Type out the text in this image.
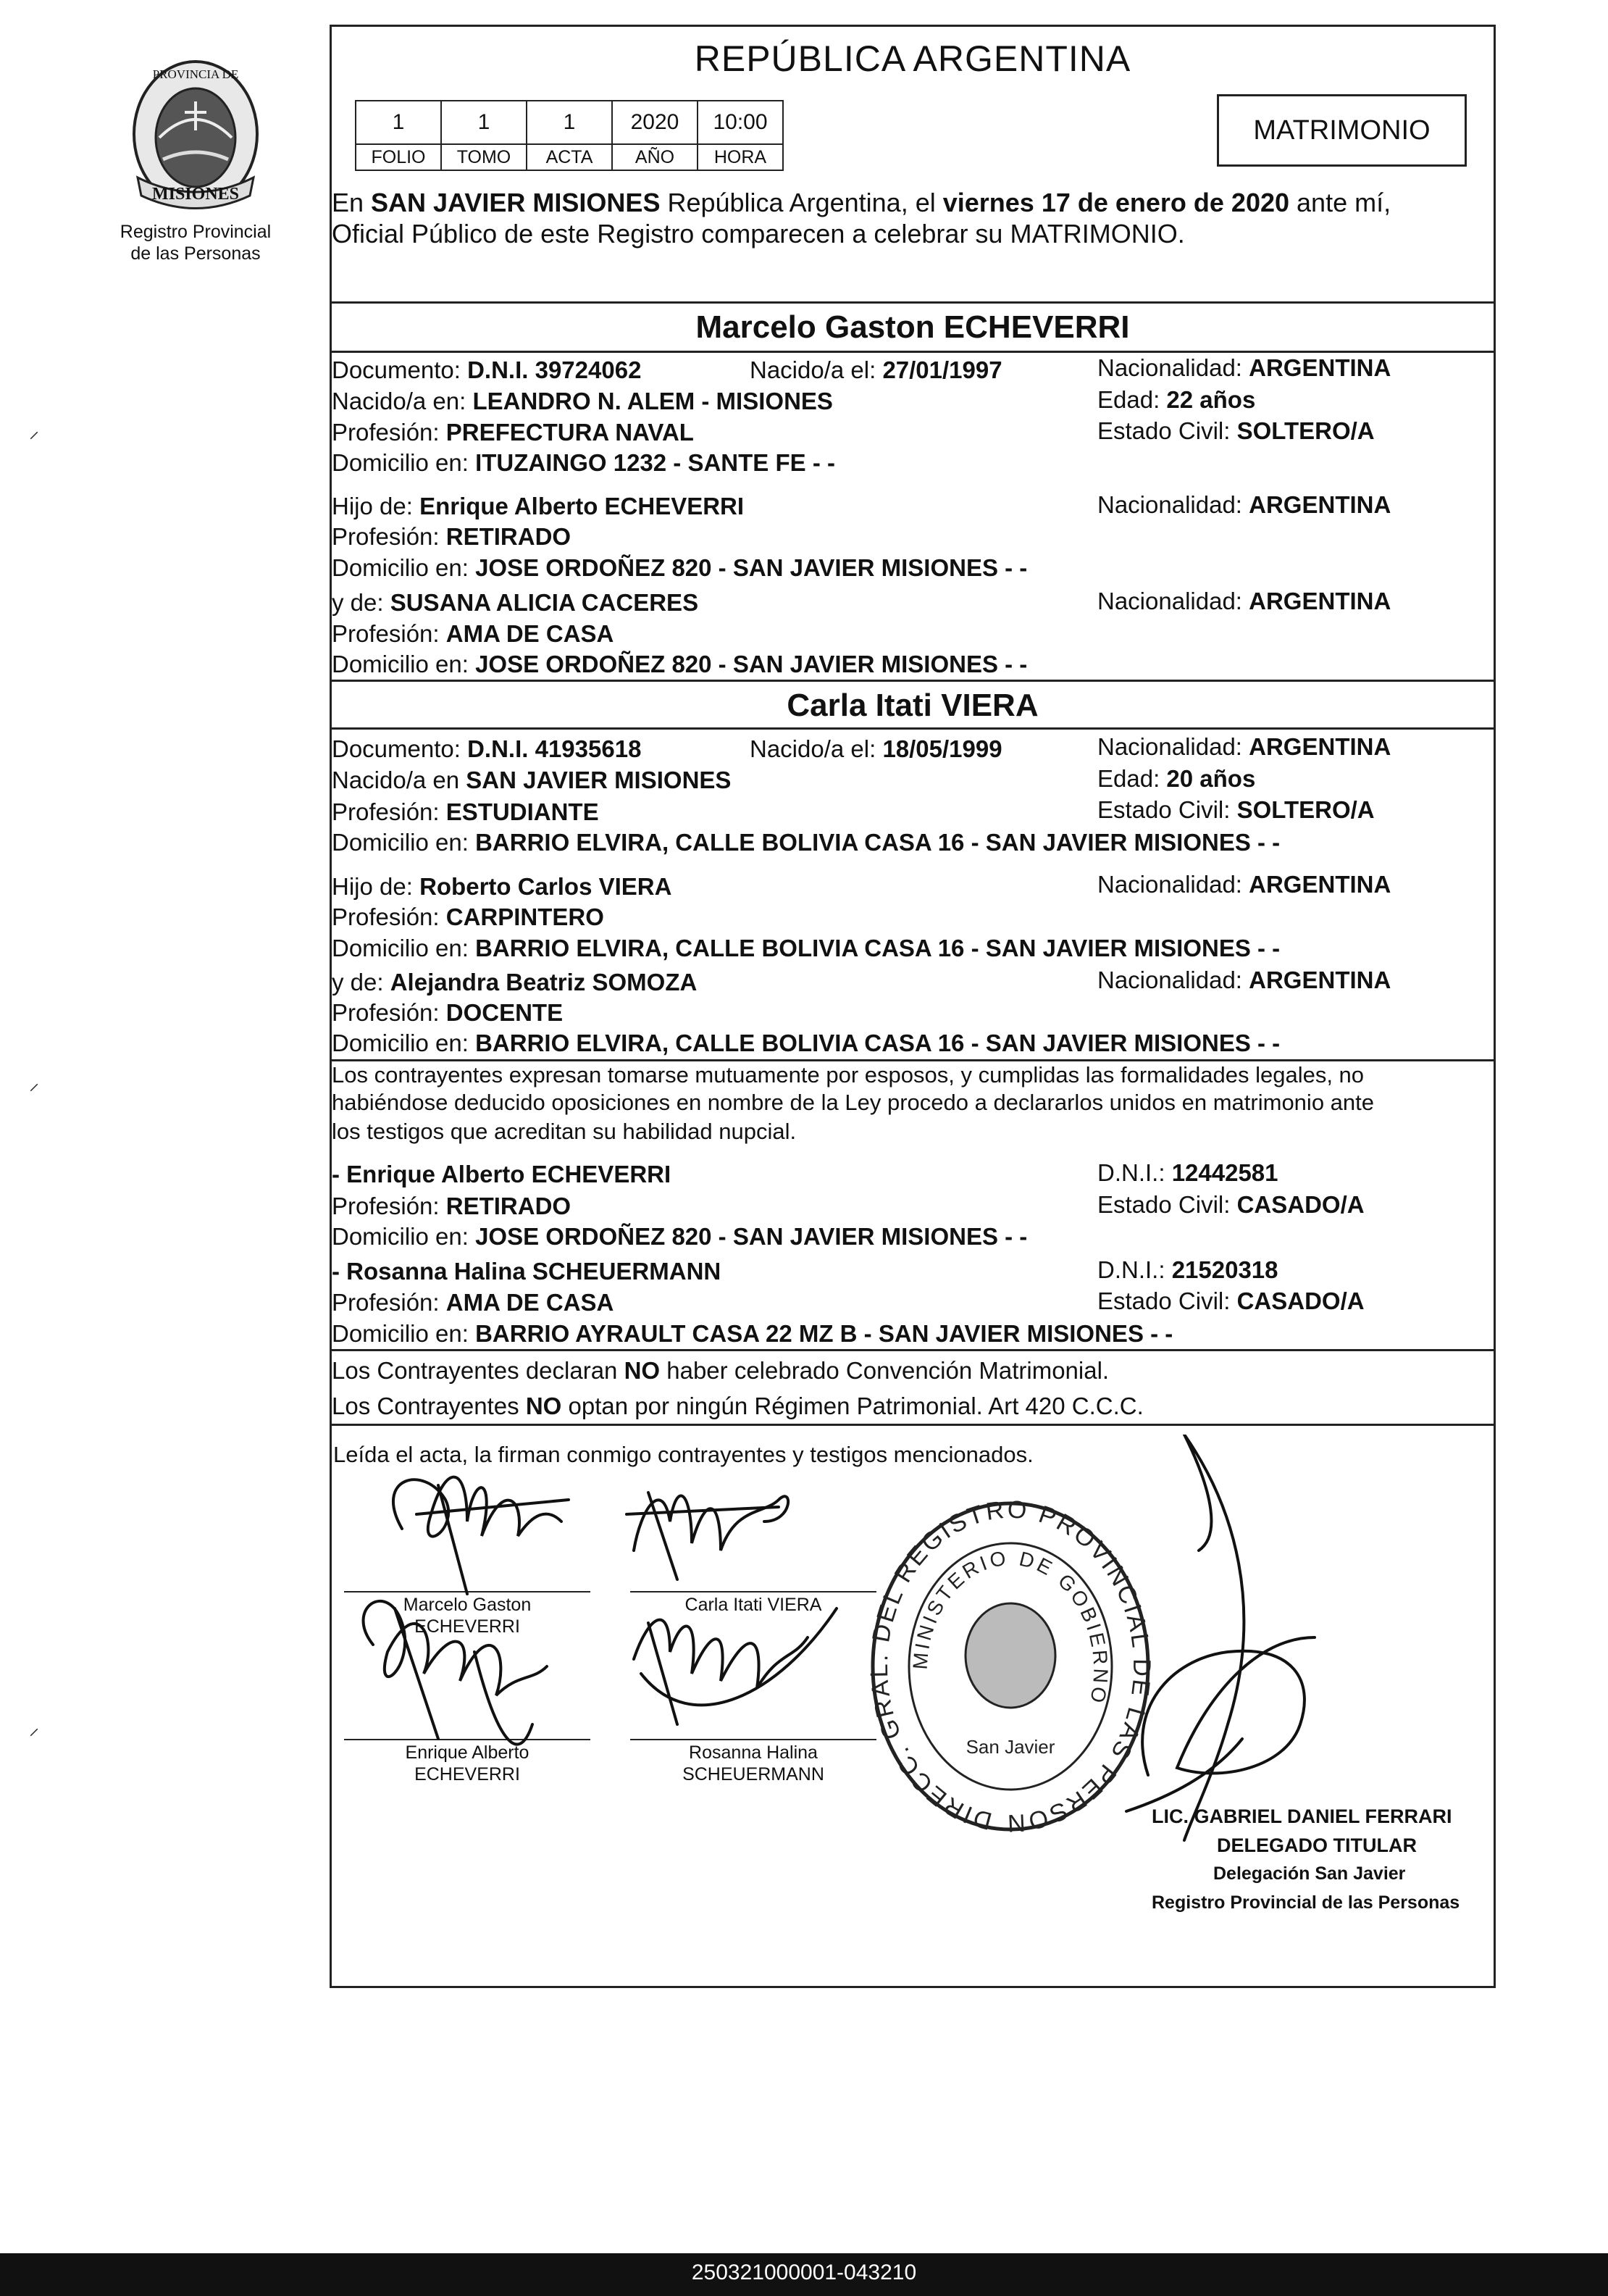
PROVINCIA DE
MISIONES
Registro Provincial
de las Personas
REPÚBLICA ARGENTINA
1	1	1	2020	10:00
FOLIO	TOMO	ACTA	AÑO	HORA
MATRIMONIO
En SAN JAVIER MISIONES República Argentina, el viernes 17 de enero de 2020 ante mí,
Oficial Público de este Registro comparecen a celebrar su MATRIMONIO.
Marcelo Gaston ECHEVERRI
Documento: D.N.I. 39724062	Nacido/a el: 27/01/1997	Nacionalidad: ARGENTINA
Nacido/a en: LEANDRO N. ALEM - MISIONES	Edad: 22 años
Profesión: PREFECTURA NAVAL	Estado Civil: SOLTERO/A
Domicilio en: ITUZAINGO 1232 - SANTE FE - -
Hijo de: Enrique Alberto ECHEVERRI	Nacionalidad: ARGENTINA
Profesión: RETIRADO
Domicilio en: JOSE ORDOÑEZ 820 - SAN JAVIER MISIONES - -
y de: SUSANA ALICIA CACERES	Nacionalidad: ARGENTINA
Profesión: AMA DE CASA
Domicilio en: JOSE ORDOÑEZ 820 - SAN JAVIER MISIONES - -
Carla Itati VIERA
Documento: D.N.I. 41935618	Nacido/a el: 18/05/1999	Nacionalidad: ARGENTINA
Nacido/a en SAN JAVIER MISIONES	Edad: 20 años
Profesión: ESTUDIANTE	Estado Civil: SOLTERO/A
Domicilio en: BARRIO ELVIRA, CALLE BOLIVIA CASA 16 - SAN JAVIER MISIONES - -
Hijo de: Roberto Carlos VIERA	Nacionalidad: ARGENTINA
Profesión: CARPINTERO
Domicilio en: BARRIO ELVIRA, CALLE BOLIVIA CASA 16 - SAN JAVIER MISIONES - -
y de: Alejandra Beatriz SOMOZA	Nacionalidad: ARGENTINA
Profesión: DOCENTE
Domicilio en: BARRIO ELVIRA, CALLE BOLIVIA CASA 16 - SAN JAVIER MISIONES - -
Los contrayentes expresan tomarse mutuamente por esposos, y cumplidas las formalidades legales, no
habiéndose deducido oposiciones en nombre de la Ley procedo a declararlos unidos en matrimonio ante
los testigos que acreditan su habilidad nupcial.
- Enrique Alberto ECHEVERRI	D.N.I.: 12442581
Profesión: RETIRADO	Estado Civil: CASADO/A
Domicilio en: JOSE ORDOÑEZ 820 - SAN JAVIER MISIONES - -
- Rosanna Halina SCHEUERMANN	D.N.I.: 21520318
Profesión: AMA DE CASA	Estado Civil: CASADO/A
Domicilio en: BARRIO AYRAULT CASA 22 MZ B - SAN JAVIER MISIONES - -
Los Contrayentes declaran NO haber celebrado Convención Matrimonial.
Los Contrayentes NO optan por ningún Régimen Patrimonial. Art 420 C.C.C.
Leída el acta, la firman conmigo contrayentes y testigos mencionados.
Marcelo Gaston
ECHEVERRI
Carla Itati VIERA
Enrique Alberto
ECHEVERRI
Rosanna Halina
SCHEUERMANN
DIRECC. GRAL. DEL REGISTRO PROVINCIAL DE LAS PERSON
MINISTERIO DE GOBIERNO
San Javier
LIC. GABRIEL DANIEL FERRARI
DELEGADO TITULAR
Delegación San Javier
Registro Provincial de las Personas
⸝
⸝
⸝
250321000001-043210
